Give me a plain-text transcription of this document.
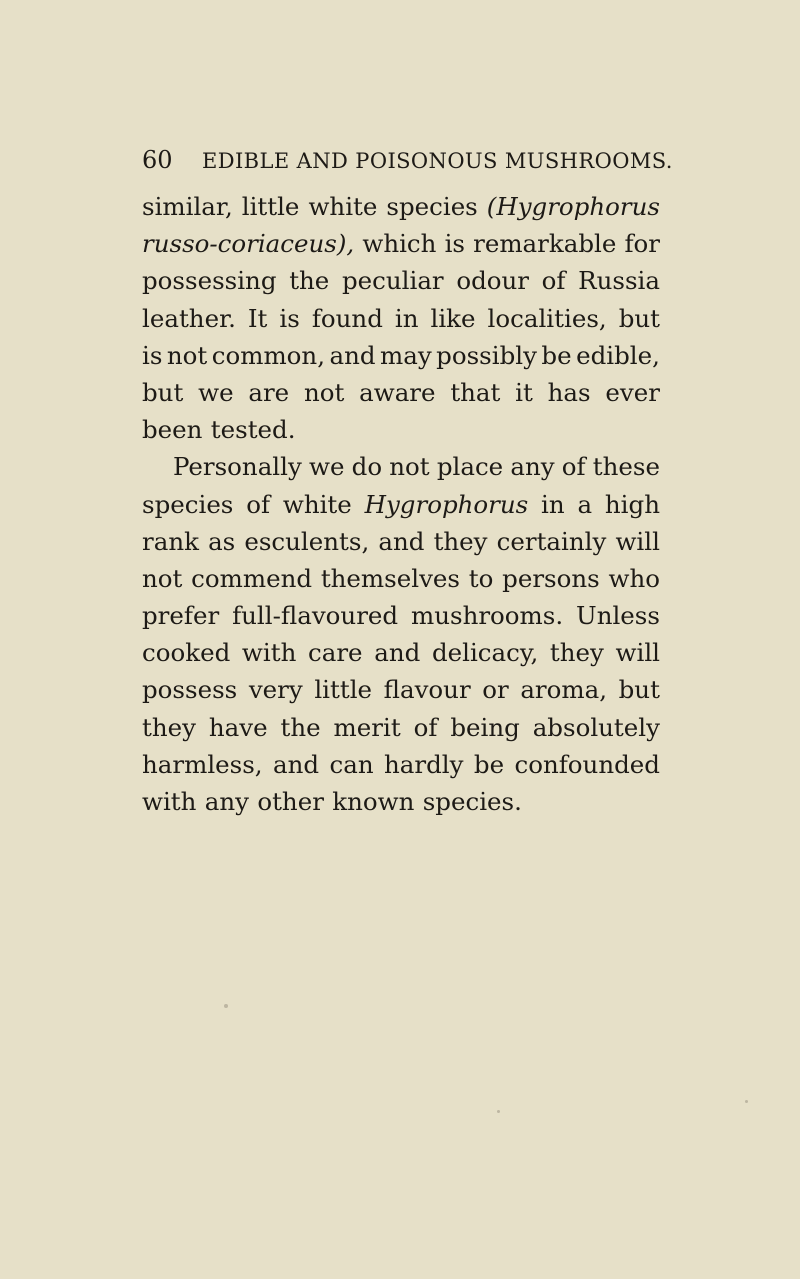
60 EDIBLE AND POISONOUS MUSHROOMS.
similar, little white species (Hygrophorus
russo-coriaceus), which is remarkable for
possessing the peculiar odour of Russia
leather. It is found in like localities, but
is not common, and may possibly be edible,
but we are not aware that it has ever
been tested.
Personally we do not place any of these
species of white Hygrophorus in a high
rank as esculents, and they certainly will
not commend themselves to persons who
prefer full-flavoured mushrooms. Unless
cooked with care and delicacy, they will
possess very little flavour or aroma, but
they have the merit of being absolutely
harmless, and can hardly be confounded
with any other known species.
